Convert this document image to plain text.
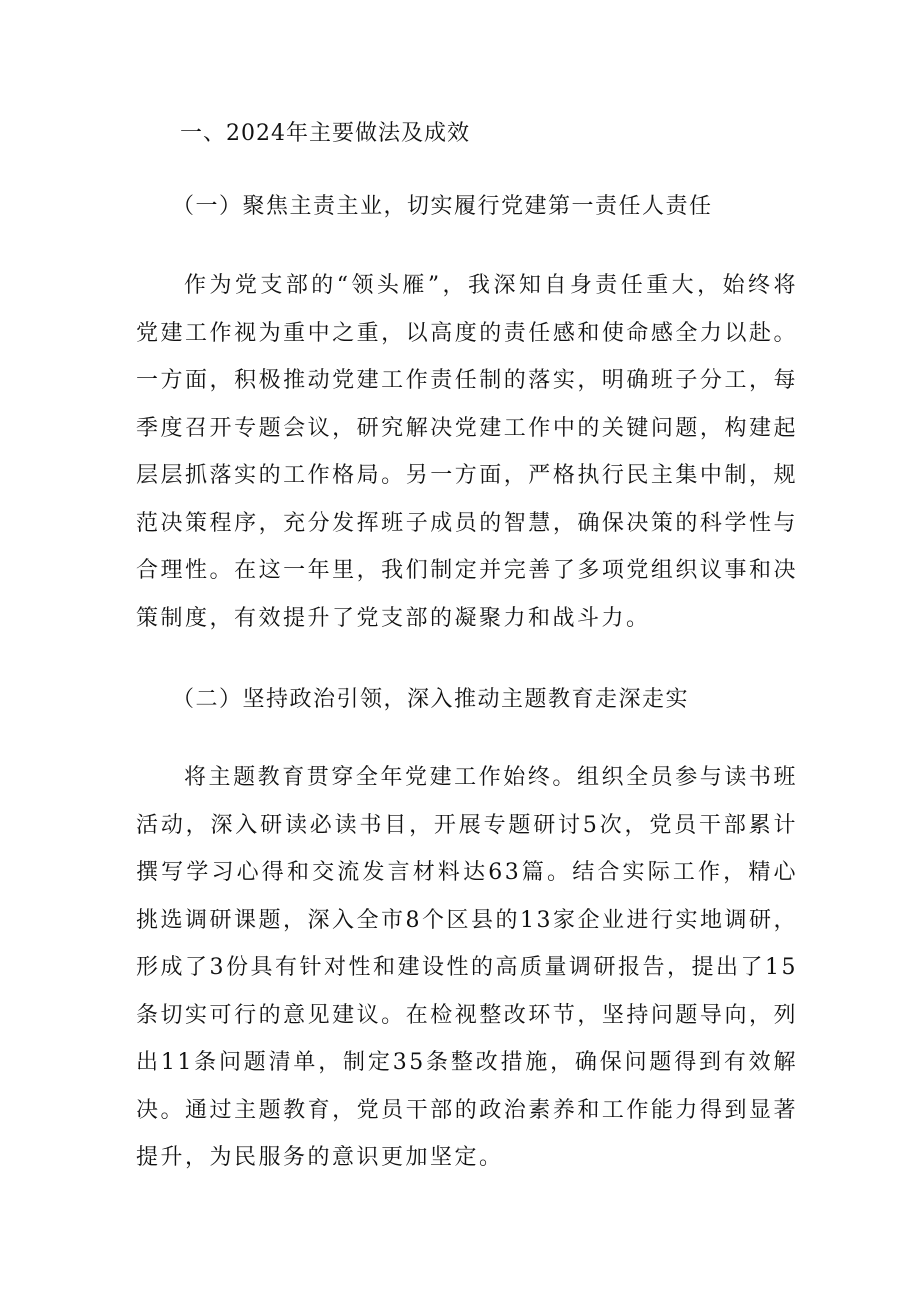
一、2024年主要做法及成效
（一）聚焦主责主业，切实履行党建第一责任人责任

作为党支部的“领头雁”，我深知自身责任重大，始终将党建工作视为重中之重，以高度的责任感和使命感全力以赴。一方面，积极推动党建工作责任制的落实，明确班子分工，每季度召开专题会议，研究解决党建工作中的关键问题，构建起层层抓落实的工作格局。另一方面，严格执行民主集中制，规范决策程序，充分发挥班子成员的智慧，确保决策的科学性与合理性。在这一年里，我们制定并完善了多项党组织议事和决策制度，有效提升了党支部的凝聚力和战斗力。

（二）坚持政治引领，深入推动主题教育走深走实

将主题教育贯穿全年党建工作始终。组织全员参与读书班活动，深入研读必读书目，开展专题研讨5次，党员干部累计撰写学习心得和交流发言材料达63篇。结合实际工作，精心挑选调研课题，深入全市8个区县的13家企业进行实地调研，形成了3份具有针对性和建设性的高质量调研报告，提出了15条切实可行的意见建议。在检视整改环节，坚持问题导向，列出11条问题清单，制定35条整改措施，确保问题得到有效解决。通过主题教育，党员干部的政治素养和工作能力得到显著提升，为民服务的意识更加坚定。
